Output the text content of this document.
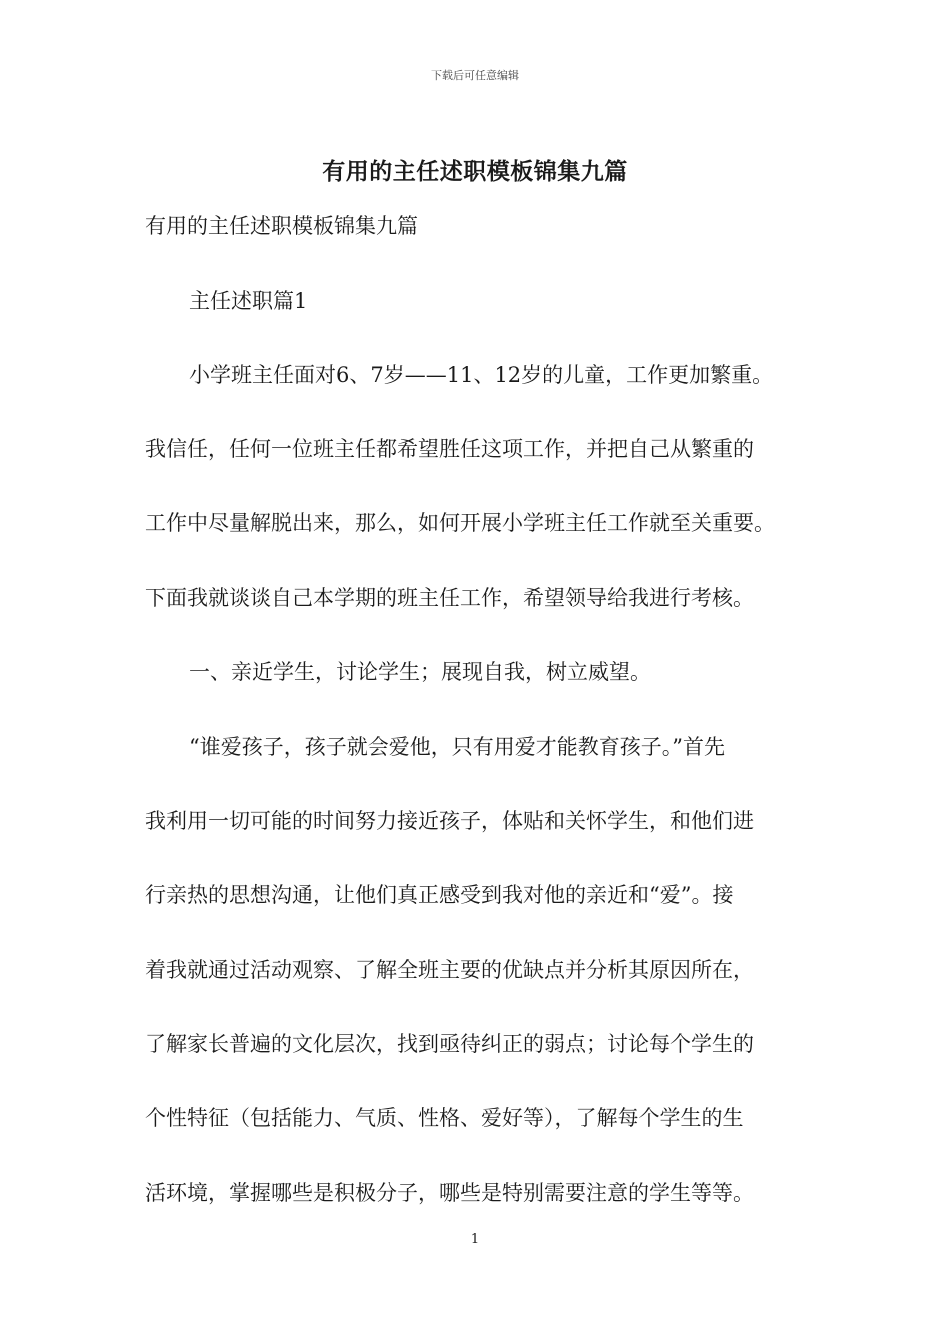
下载后可任意编辑
有用的主任述职模板锦集九篇
有用的主任述职模板锦集九篇
主任述职篇1
小学班主任面对6、7岁——11、12岁的儿童，工作更加繁重。
我信任，任何一位班主任都希望胜任这项工作，并把自己从繁重的
工作中尽量解脱出来，那么，如何开展小学班主任工作就至关重要。
下面我就谈谈自己本学期的班主任工作，希望领导给我进行考核。
一、亲近学生，讨论学生；展现自我，树立威望。
“谁爱孩子，孩子就会爱他，只有用爱才能教育孩子。”首先
我利用一切可能的时间努力接近孩子，体贴和关怀学生，和他们进
行亲热的思想沟通，让他们真正感受到我对他的亲近和“爱”。接
着我就通过活动观察、了解全班主要的优缺点并分析其原因所在，
了解家长普遍的文化层次，找到亟待纠正的弱点；讨论每个学生的
个性特征（包括能力、气质、性格、爱好等），了解每个学生的生
活环境，掌握哪些是积极分子，哪些是特别需要注意的学生等等。
1
